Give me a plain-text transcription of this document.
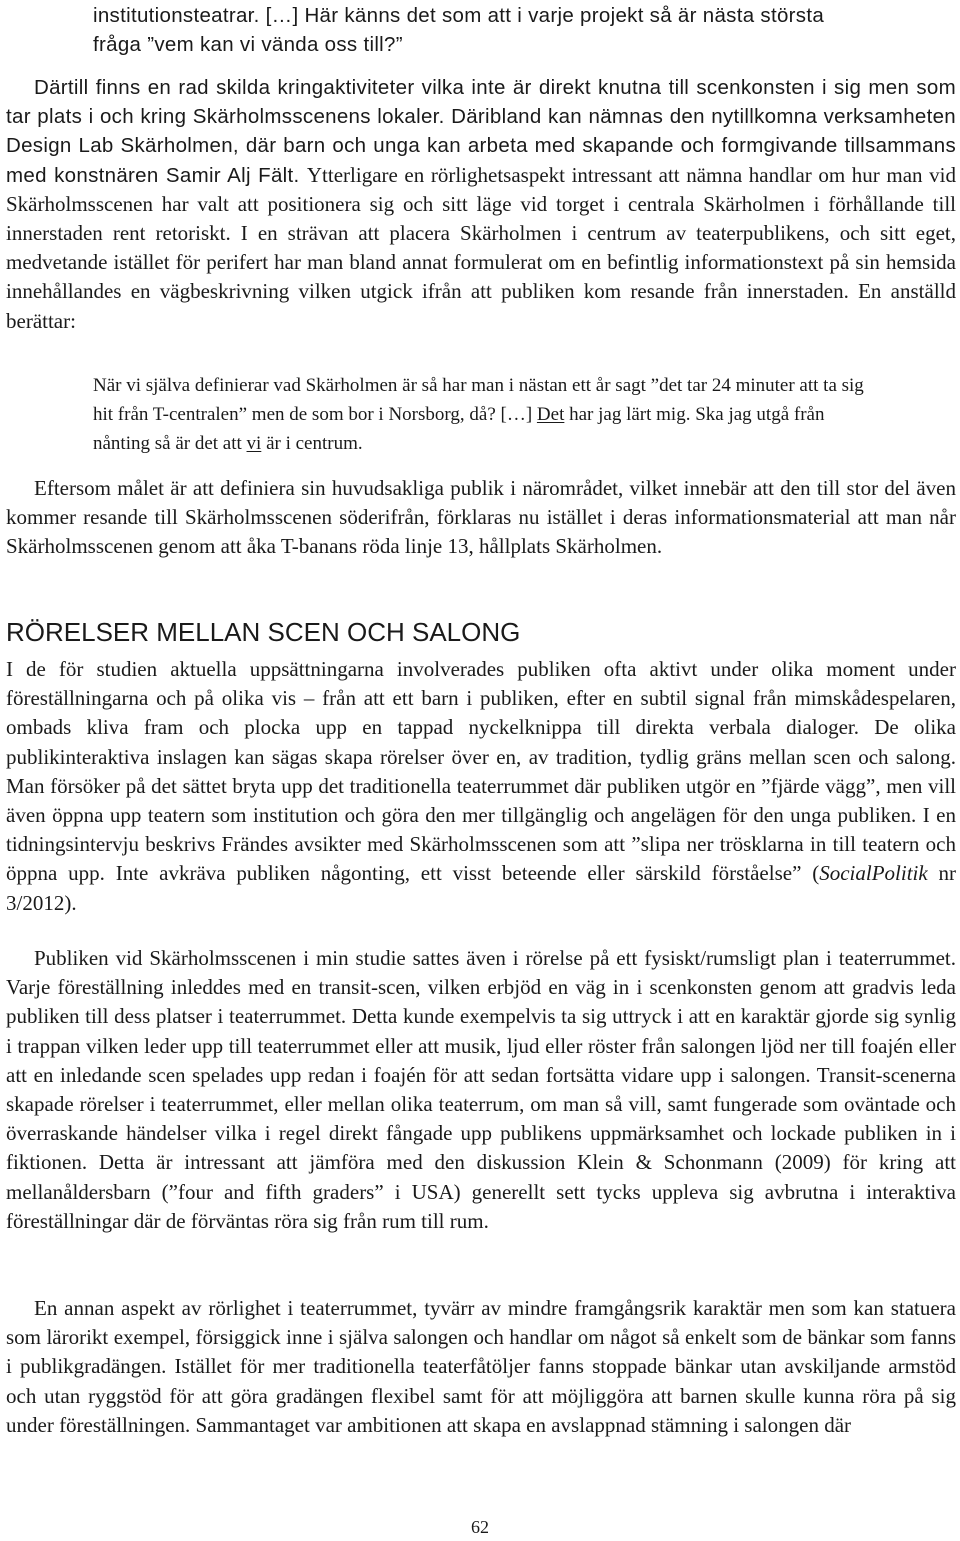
institutionsteatrar. […] Här känns det som att i varje projekt så är nästa största fråga ”vem kan vi vända oss till?”

Därtill finns en rad skilda kringaktiviteter vilka inte är direkt knutna till scenkonsten i sig men som tar plats i och kring Skärholmsscenens lokaler. Däribland kan nämnas den nytillkomna verksamheten Design Lab Skärholmen, där barn och unga kan arbeta med skapande och formgivande tillsammans med konstnären Samir Alj Fält. Ytterligare en rörlighetsaspekt intressant att nämna handlar om hur man vid Skärholmsscenen har valt att positionera sig och sitt läge vid torget i centrala Skärholmen i förhållande till innerstaden rent retoriskt. I en strävan att placera Skärholmen i centrum av teaterpublikens, och sitt eget, medvetande istället för perifert har man bland annat formulerat om en befintlig informationstext på sin hemsida innehållandes en vägbeskrivning vilken utgick ifrån att publiken kom resande från innerstaden. En anställd berättar:

När vi själva definierar vad Skärholmen är så har man i nästan ett år sagt ”det tar 24 minuter att ta sig hit från T-centralen” men de som bor i Norsborg, då? […] Det har jag lärt mig. Ska jag utgå från nånting så är det att vi är i centrum.

Eftersom målet är att definiera sin huvudsakliga publik i närområdet, vilket innebär att den till stor del även kommer resande till Skärholmsscenen söderifrån, förklaras nu istället i deras informationsmaterial att man når Skärholmsscenen genom att åka T-banans röda linje 13, hållplats Skärholmen.

RÖRELSER MELLAN SCEN OCH SALONG

I de för studien aktuella uppsättningarna involverades publiken ofta aktivt under olika moment under föreställningarna och på olika vis – från att ett barn i publiken, efter en subtil signal från mimskådespelaren, ombads kliva fram och plocka upp en tappad nyckelknippa till direkta verbala dialoger. De olika publikinteraktiva inslagen kan sägas skapa rörelser över en, av tradition, tydlig gräns mellan scen och salong. Man försöker på det sättet bryta upp det traditionella teaterrummet där publiken utgör en ”fjärde vägg”, men vill även öppna upp teatern som institution och göra den mer tillgänglig och angelägen för den unga publiken. I en tidningsintervju beskrivs Frändes avsikter med Skärholmsscenen som att ”slipa ner trösklarna in till teatern och öppna upp. Inte avkräva publiken någonting, ett visst beteende eller särskild förståelse” (SocialPolitik nr 3/2012).

Publiken vid Skärholmsscenen i min studie sattes även i rörelse på ett fysiskt/rumsligt plan i teaterrummet. Varje föreställning inleddes med en transit-scen, vilken erbjöd en väg in i scenkonsten genom att gradvis leda publiken till dess platser i teaterrummet. Detta kunde exempelvis ta sig uttryck i att en karaktär gjorde sig synlig i trappan vilken leder upp till teaterrummet eller att musik, ljud eller röster från salongen ljöd ner till foajén eller att en inledande scen spelades upp redan i foajén för att sedan fortsätta vidare upp i salongen. Transit-scenerna skapade rörelser i teaterrummet, eller mellan olika teaterrum, om man så vill, samt fungerade som oväntade och överraskande händelser vilka i regel direkt fångade upp publikens uppmärksamhet och lockade publiken in i fiktionen. Detta är intressant att jämföra med den diskussion Klein & Schonmann (2009) för kring att mellanåldersbarn (”four and fifth graders” i USA) generellt sett tycks uppleva sig avbrutna i interaktiva föreställningar där de förväntas röra sig från rum till rum.

En annan aspekt av rörlighet i teaterrummet, tyvärr av mindre framgångsrik karaktär men som kan statuera som lärorikt exempel, försiggick inne i själva salongen och handlar om något så enkelt som de bänkar som fanns i publikgradängen. Istället för mer traditionella teaterfåtöljer fanns stoppade bänkar utan avskiljande armstöd och utan ryggstöd för att göra gradängen flexibel samt för att möjliggöra att barnen skulle kunna röra på sig under föreställningen. Sammantaget var ambitionen att skapa en avslappnad stämning i salongen där

62
